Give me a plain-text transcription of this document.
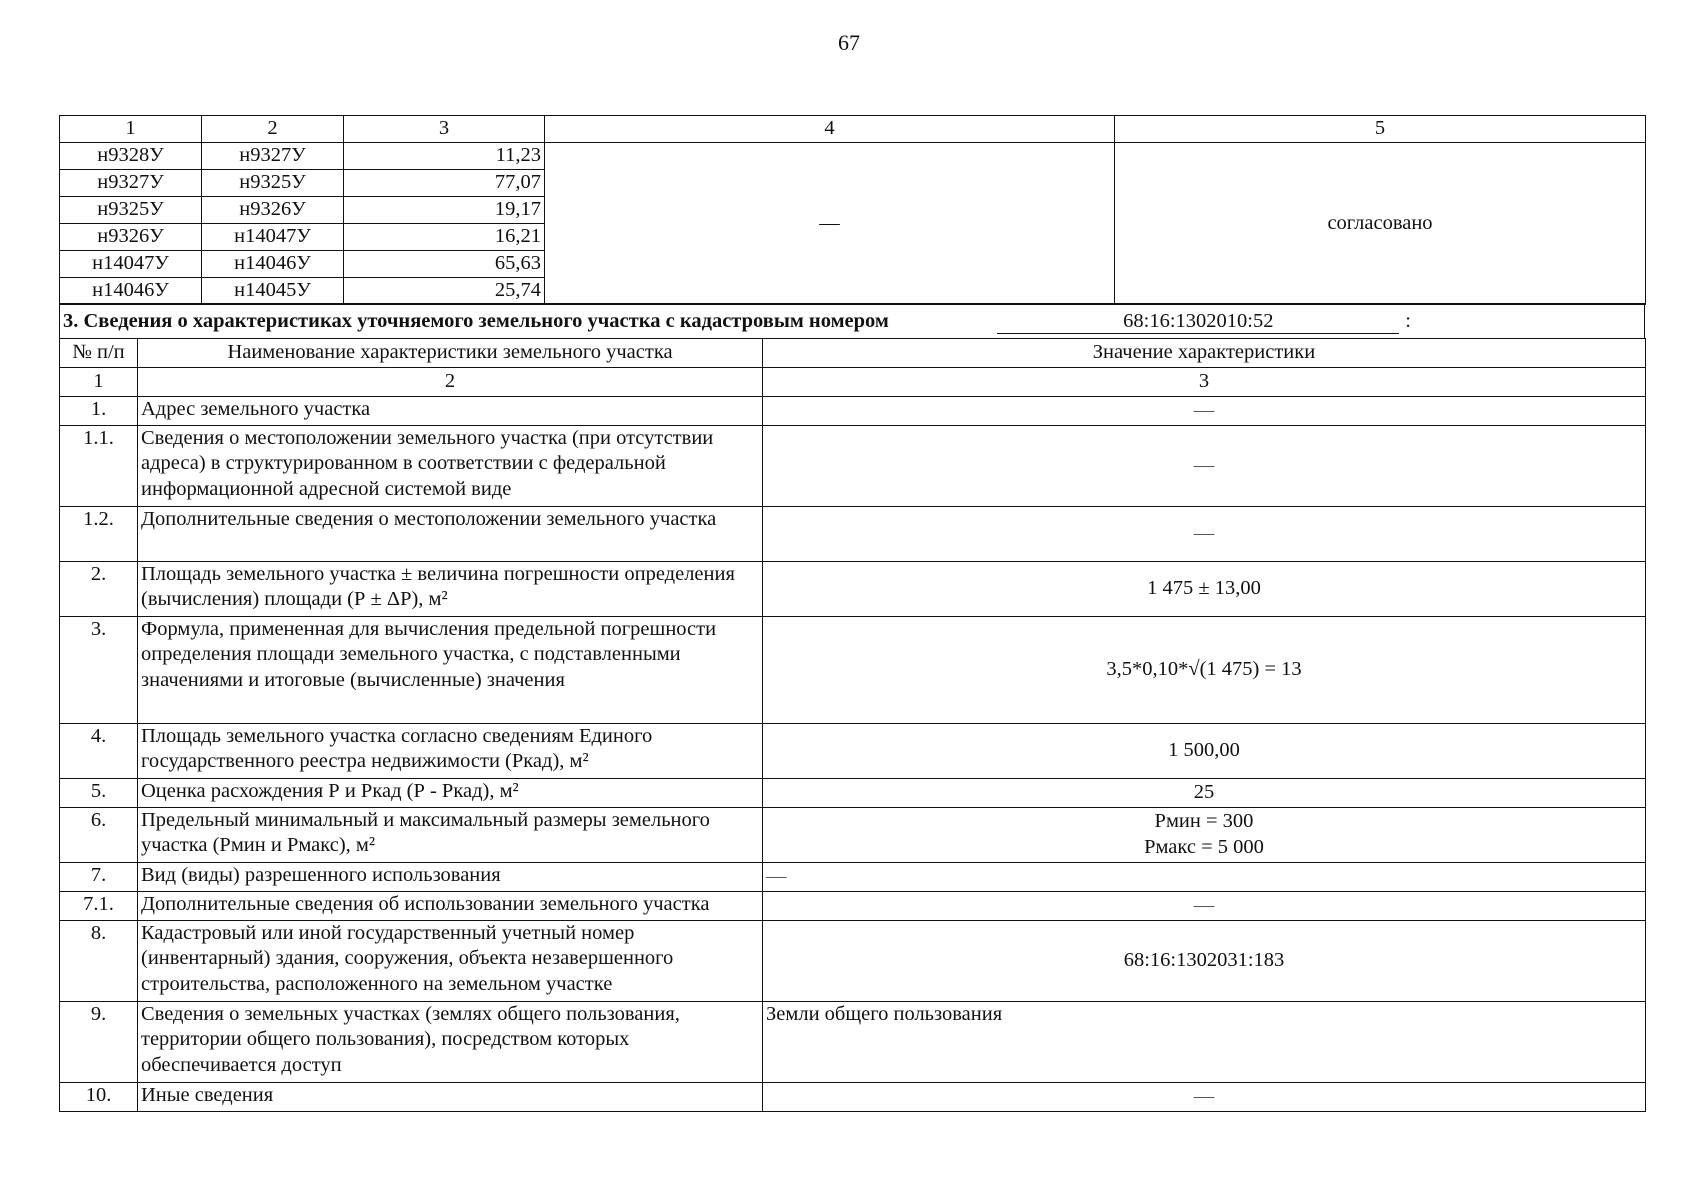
67
1	2	3	4	5
н9328У	н9327У	11,23	—	согласовано
н9327У	н9325У	77,07		
н9325У	н9326У	19,17		
н9326У	н14047У	16,21		
н14047У	н14046У	65,63		
н14046У	н14045У	25,74		
3. Сведения о характеристиках уточняемого земельного участка с кадастровым номером	68:16:1302010:52	:
№ п/п	Наименование характеристики земельного участка	Значение характеристики
1	2	3
1.	Адрес земельного участка	—
1.1.	Сведения о местоположении земельного участка (при отсутствии адреса) в структурированном в соответствии с федеральной информационной адресной системой виде	—
1.2.	Дополнительные сведения о местоположении земельного участка	—
2.	Площадь земельного участка ± величина погрешности определения (вычисления) площади (Р ± ΔР), м²	1 475 ± 13,00
3.	Формула, примененная для вычисления предельной погрешности определения площади земельного участка, с подставленными значениями и итоговые (вычисленные) значения	3,5*0,10*√(1 475) = 13
4.	Площадь земельного участка согласно сведениям Единого государственного реестра недвижимости (Ркад), м²	1 500,00
5.	Оценка расхождения Р и Ркад (Р - Ркад), м²	25
6.	Предельный минимальный и максимальный размеры земельного участка (Рмин и Рмакс), м²	Рмин = 300
Рмакс = 5 000

7.	Вид (виды) разрешенного использования	—
7.1.	Дополнительные сведения об использовании земельного участка	—
8.	Кадастровый или иной государственный учетный номер (инвентарный) здания, сооружения, объекта незавершенного строительства, расположенного на земельном участке	68:16:1302031:183
9.	Сведения о земельных участках (землях общего пользования, территории общего пользования), посредством которых обеспечивается доступ	Земли общего пользования
10.	Иные сведения	—
